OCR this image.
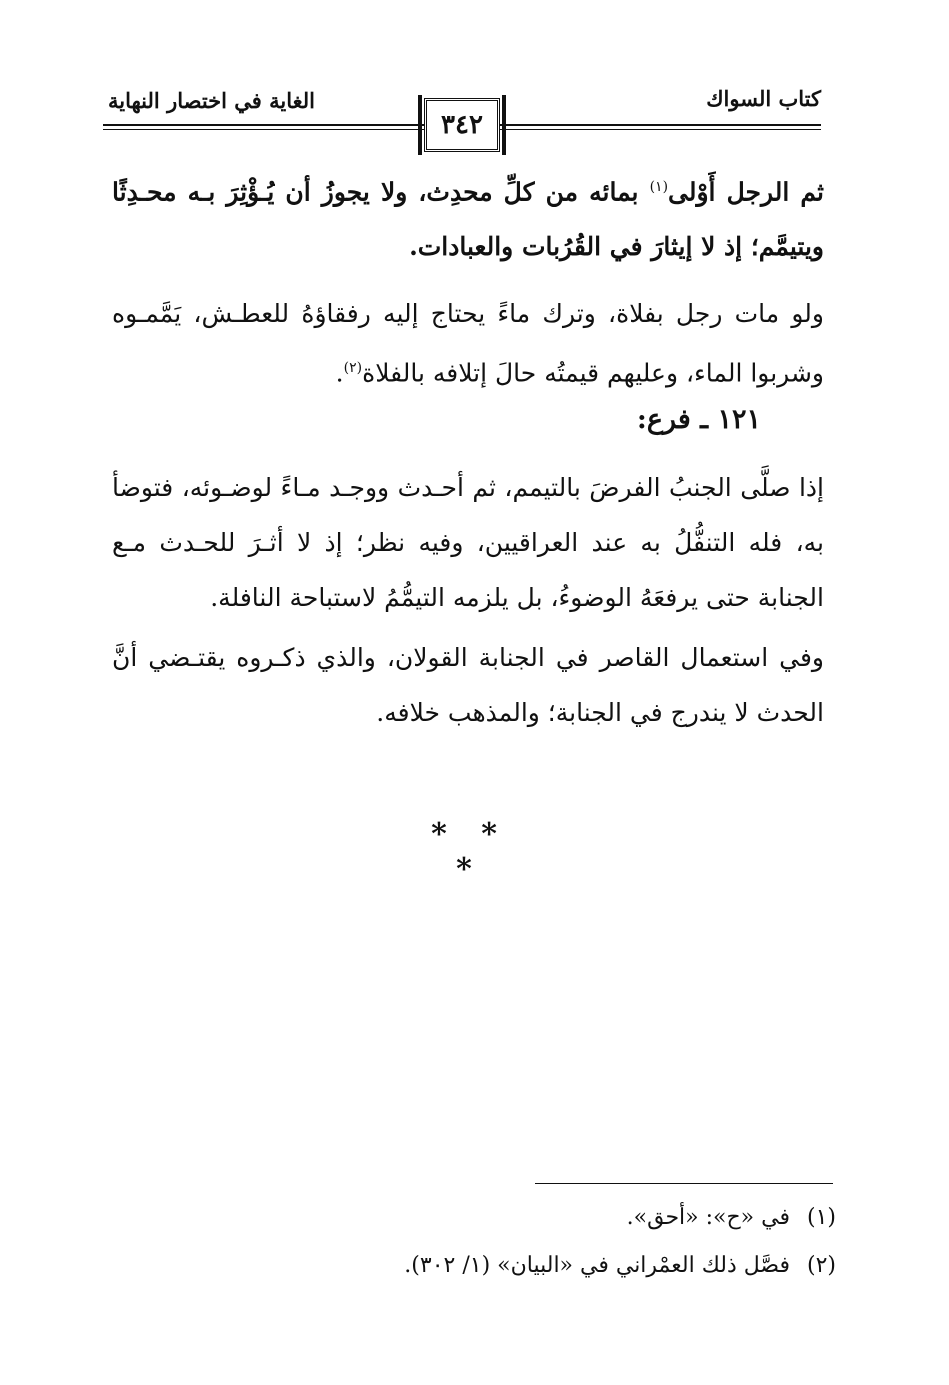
الغاية في اختصار النهاية	كتاب السواك
٣٤٢
ثم الرجل أَوْلى$^{(١)}$ بمائه من كلِّ محدِث، ولا يجوزُ أن يُـؤْثِرَ بـه محـدِثًا ويتيمَّم؛ إذ لا إيثارَ في القُرُبات والعبادات.
ولو مات رجل بفلاة، وترك ماءً يحتاج إليه رفقاؤهُ للعطـش، يَمَّمـوه وشربوا الماء، وعليهم قيمتُه حالَ إتلافه بالفلاة$^{(٢)}$.
١٢١ ـ فرع:
إذا صلَّى الجنبُ الفرضَ بالتيمم، ثم أحـدث ووجـد مـاءً لوضـوئه، فتوضأ به، فله التنفُّلُ به عند العراقيين، وفيه نظر؛ إذ لا أثـرَ للحـدث مـع الجنابة حتى يرفعَهُ الوضوءُ، بل يلزمه التيمُّمُ لاستباحة النافلة.
وفي استعمال القاصر في الجنابة القولان، والذي ذكـروه يقتـضي أنَّ الحدث لا يندرج في الجنابة؛ والمذهب خلافه.
* * *
(١)في «ح»: «أحق».
(٢)فصَّل ذلك العمْراني في «البيان» (١/ ٣٠٢).
